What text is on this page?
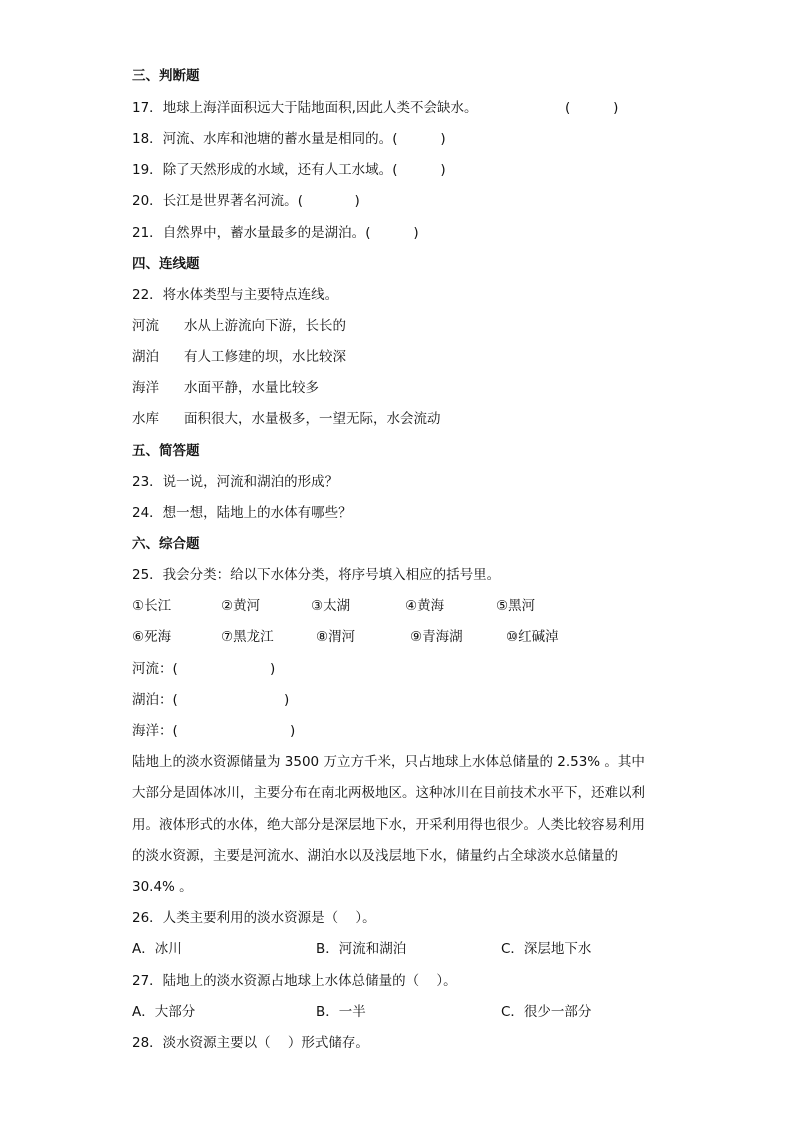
三、判断题
17．地球上海洋面积远大于陆地面积,因此人类不会缺水。	(          )
18．河流、水库和池塘的蓄水量是相同的。(          )
19．除了天然形成的水域，还有人工水域。(          )
20．长江是世界著名河流。(            )
21．自然界中，蓄水量最多的是湖泊。(          )
四、连线题
22．将水体类型与主要特点连线。
河流 水从上游流向下游，长长的
湖泊 有人工修建的坝，水比较深
海洋 水面平静，水量比较多
水库 面积很大，水量极多，一望无际，水会流动
五、简答题
23．说一说，河流和湖泊的形成？
24．想一想，陆地上的水体有哪些？
六、综合题
25．我会分类：给以下水体分类，将序号填入相应的括号里。
①长江	②黄河	③太湖	④黄海	⑤黑河
⑥死海	⑦黑龙江	⑧渭河	⑨青海湖	⑩红碱淖
河流：(	)
湖泊：(	)
海洋：(	)
陆地上的淡水资源储量为 3500 万立方千米，只占地球上水体总储量的 2.53% 。其中
大部分是固体冰川，主要分布在南北两极地区。这种冰川在目前技术水平下，还难以利
用。液体形式的水体，绝大部分是深层地下水，开采利用得也很少。人类比较容易利用
的淡水资源，主要是河流水、湖泊水以及浅层地下水，储量约占全球淡水总储量的
30.4% 。
26．人类主要利用的淡水资源是（    ）。
A．冰川	B．河流和湖泊	C．深层地下水
27．陆地上的淡水资源占地球上水体总储量的（    ）。
A．大部分	B．一半	C．很少一部分
28．淡水资源主要以（    ）形式储存。
